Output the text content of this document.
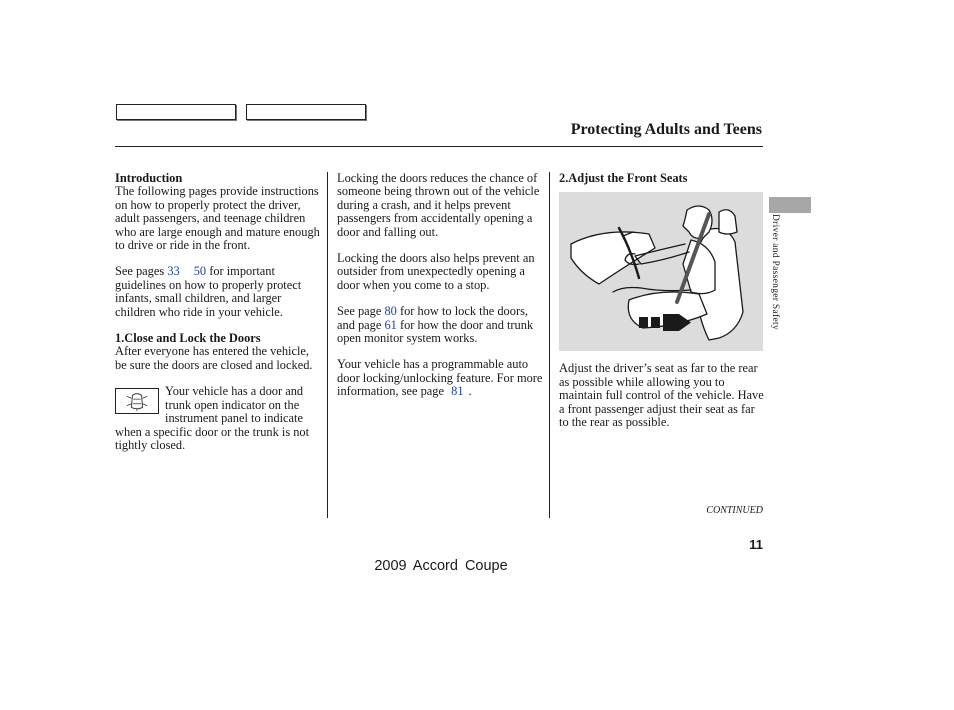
Protecting Adults and Teens

Introduction
The following pages provide instructions on how to properly protect the driver, adult passengers, and teenage children who are large enough and mature enough to drive or ride in the front.

See pages 33 50 for important guidelines on how to properly protect infants, small children, and larger children who ride in your vehicle.

1.Close and Lock the Doors
After everyone has entered the vehicle, be sure the doors are closed and locked.

Your vehicle has a door and trunk open indicator on the instrument panel to indicate when a specific door or the trunk is not tightly closed.

Locking the doors reduces the chance of someone being thrown out of the vehicle during a crash, and it helps prevent passengers from accidentally opening a door and falling out.

Locking the doors also helps prevent an outsider from unexpectedly opening a door when you come to a stop.

See page 80 for how to lock the doors, and page 61 for how the door and trunk open monitor system works.

Your vehicle has a programmable auto door locking/unlocking feature. For more information, see page 81 .

2.Adjust the Front Seats

Adjust the driver’s seat as far to the rear as possible while allowing you to maintain full control of the vehicle. Have a front passenger adjust their seat as far to the rear as possible.

Driver and Passenger Safety
CONTINUED
11
2009 Accord Coupe
